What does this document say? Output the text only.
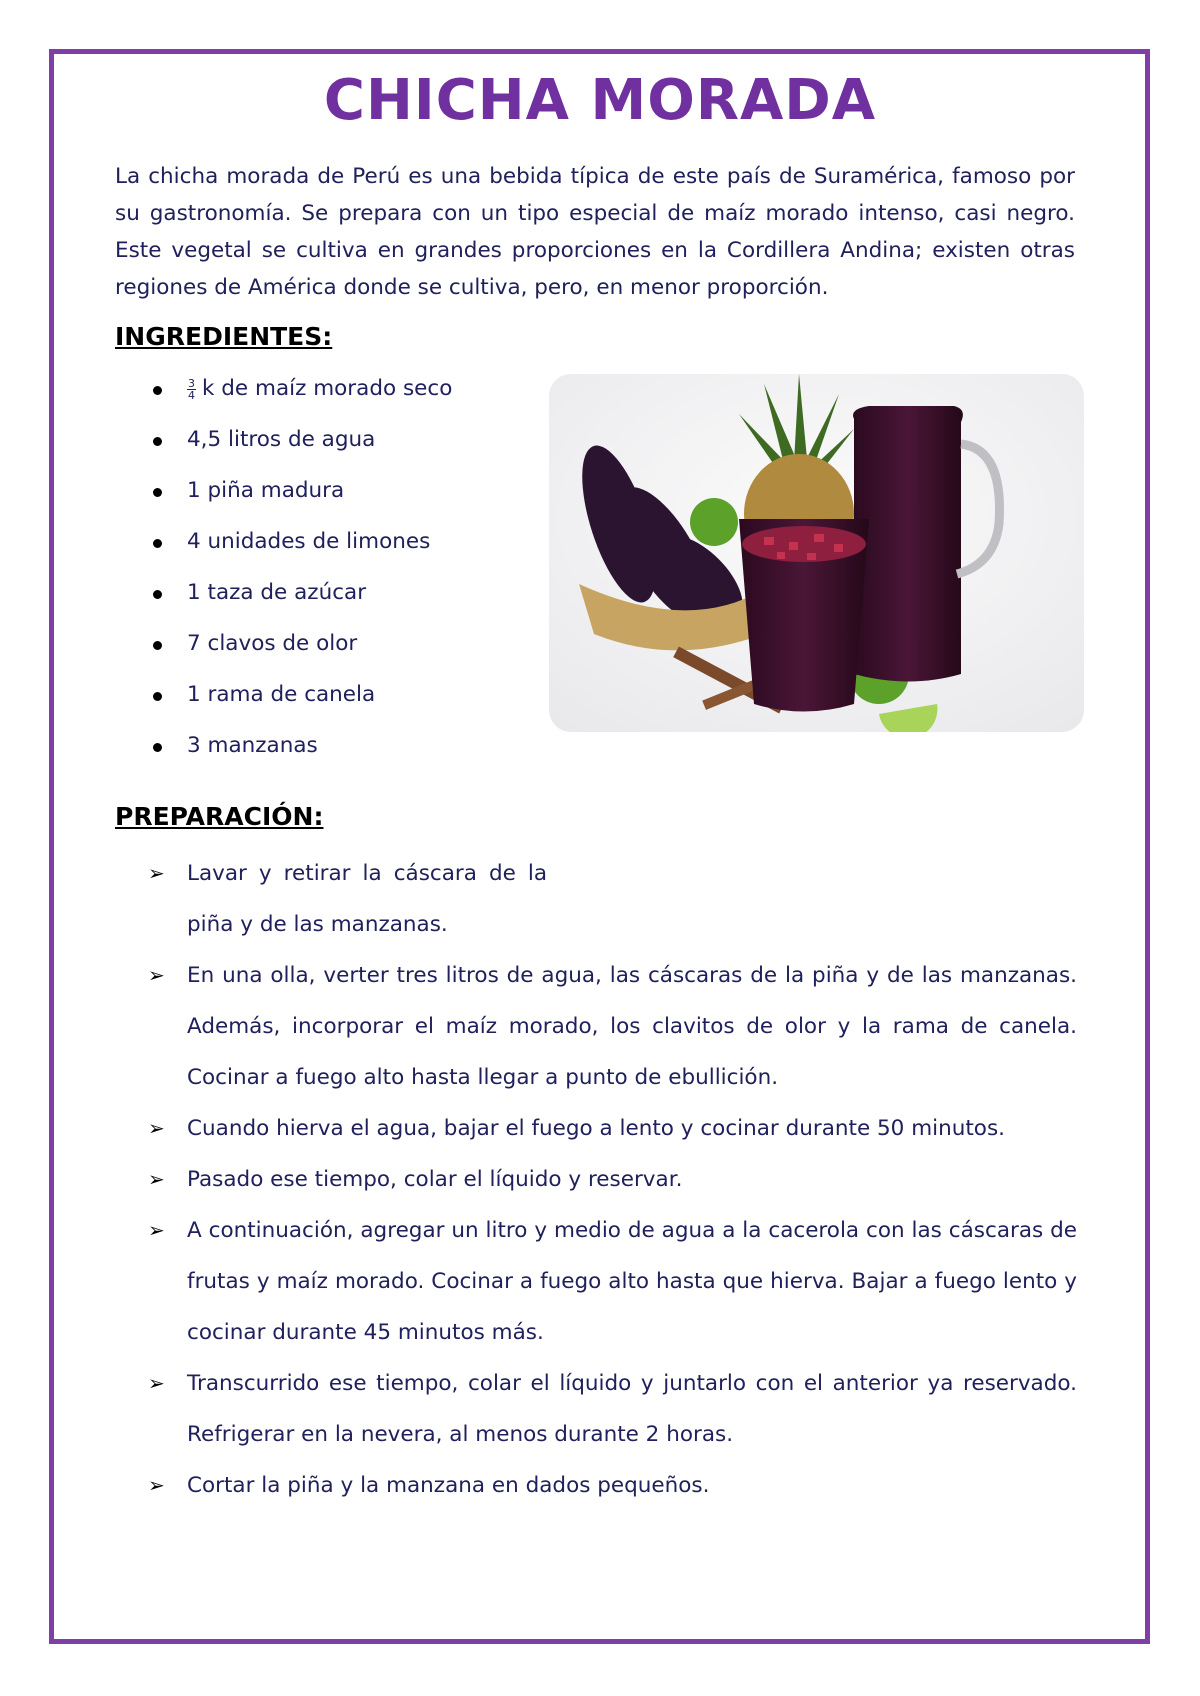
CHICHA MORADA

La chicha morada de Perú es una bebida típica de este país de Suramérica, famoso por su gastronomía. Se prepara con un tipo especial de maíz morado intenso, casi negro. Este vegetal se cultiva en grandes proporciones en la Cordillera Andina; existen otras regiones de América donde se cultiva, pero, en menor proporción.

INGREDIENTES:
$\frac{3}{4}$ k de maíz morado seco
4,5 litros de agua
1 piña madura
4 unidades de limones
1 taza de azúcar
7 clavos de olor
1 rama de canela
3 manzanas
PREPARACIÓN:
➢ Lavar y retirar la cáscara de la piña y de las manzanas.
➢ En una olla, verter tres litros de agua, las cáscaras de la piña y de las manzanas. Además, incorporar el maíz morado, los clavitos de olor y la rama de canela. Cocinar a fuego alto hasta llegar a punto de ebullición.
➢ Cuando hierva el agua, bajar el fuego a lento y cocinar durante 50 minutos.
➢ Pasado ese tiempo, colar el líquido y reservar.
➢ A continuación, agregar un litro y medio de agua a la cacerola con las cáscaras de frutas y maíz morado. Cocinar a fuego alto hasta que hierva. Bajar a fuego lento y cocinar durante 45 minutos más.
➢ Transcurrido ese tiempo, colar el líquido y juntarlo con el anterior ya reservado. Refrigerar en la nevera, al menos durante 2 horas.
➢ Cortar la piña y la manzana en dados pequeños.
